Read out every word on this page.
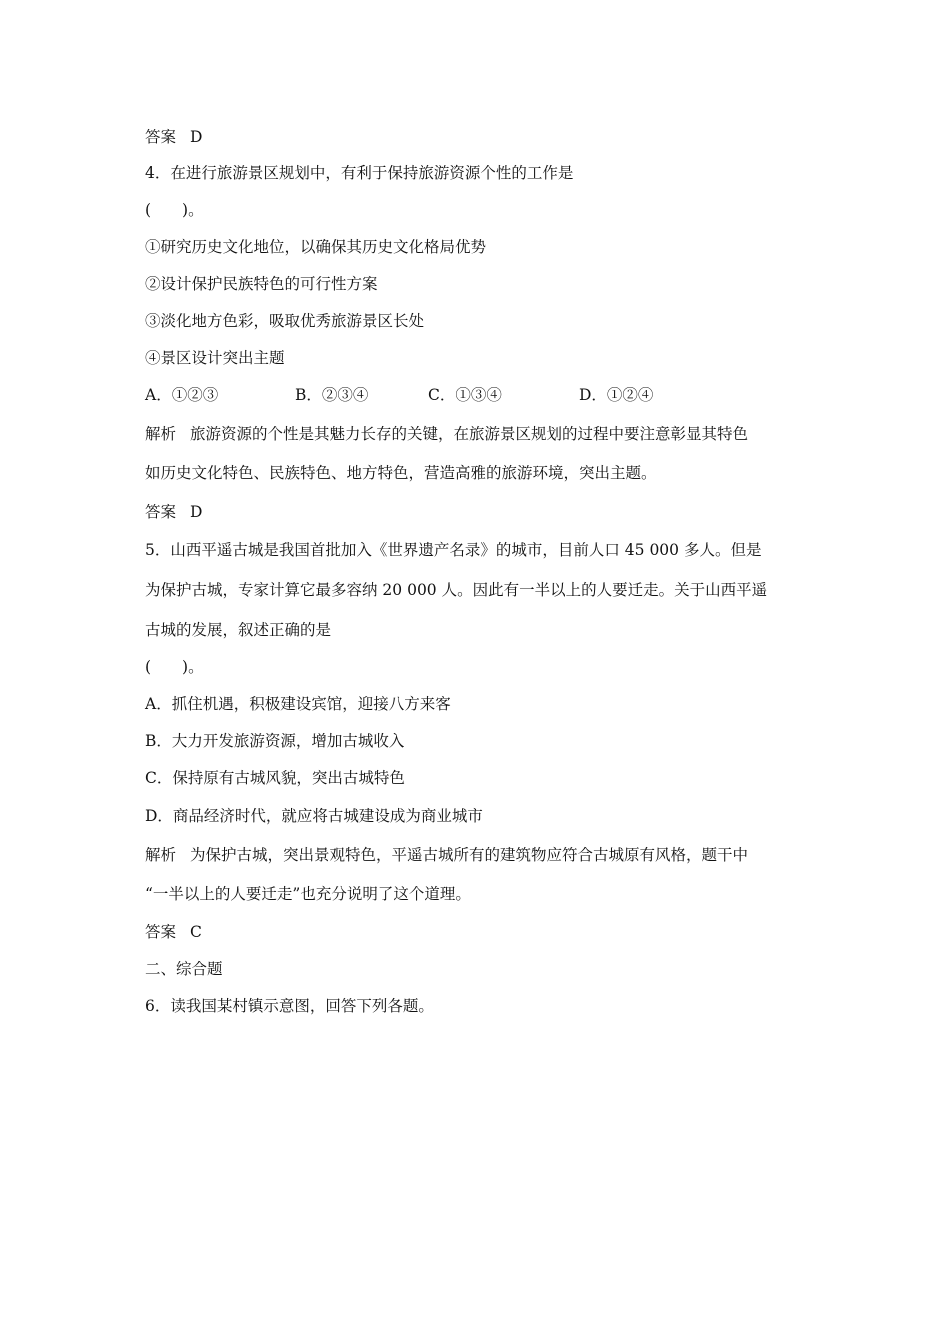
答案 D
4．在进行旅游景区规划中，有利于保持旅游资源个性的工作是
(　　)。
①研究历史文化地位，以确保其历史文化格局优势
②设计保护民族特色的可行性方案
③淡化地方色彩，吸取优秀旅游景区长处
④景区设计突出主题
A．①②③	B．②③④	C．①③④	D．①②④
解析 旅游资源的个性是其魅力长存的关键，在旅游景区规划的过程中要注意彰显其特色
如历史文化特色、民族特色、地方特色，营造高雅的旅游环境，突出主题。
答案 D
5．山西平遥古城是我国首批加入《世界遗产名录》的城市，目前人口 45 000 多人。但是
为保护古城，专家计算它最多容纳 20 000 人。因此有一半以上的人要迁走。关于山西平遥
古城的发展，叙述正确的是
(　　)。
A．抓住机遇，积极建设宾馆，迎接八方来客
B．大力开发旅游资源，增加古城收入
C．保持原有古城风貌，突出古城特色
D．商品经济时代，就应将古城建设成为商业城市
解析 为保护古城，突出景观特色，平遥古城所有的建筑物应符合古城原有风格，题干中
“一半以上的人要迁走”也充分说明了这个道理。
答案 C
二、综合题
6．读我国某村镇示意图，回答下列各题。
